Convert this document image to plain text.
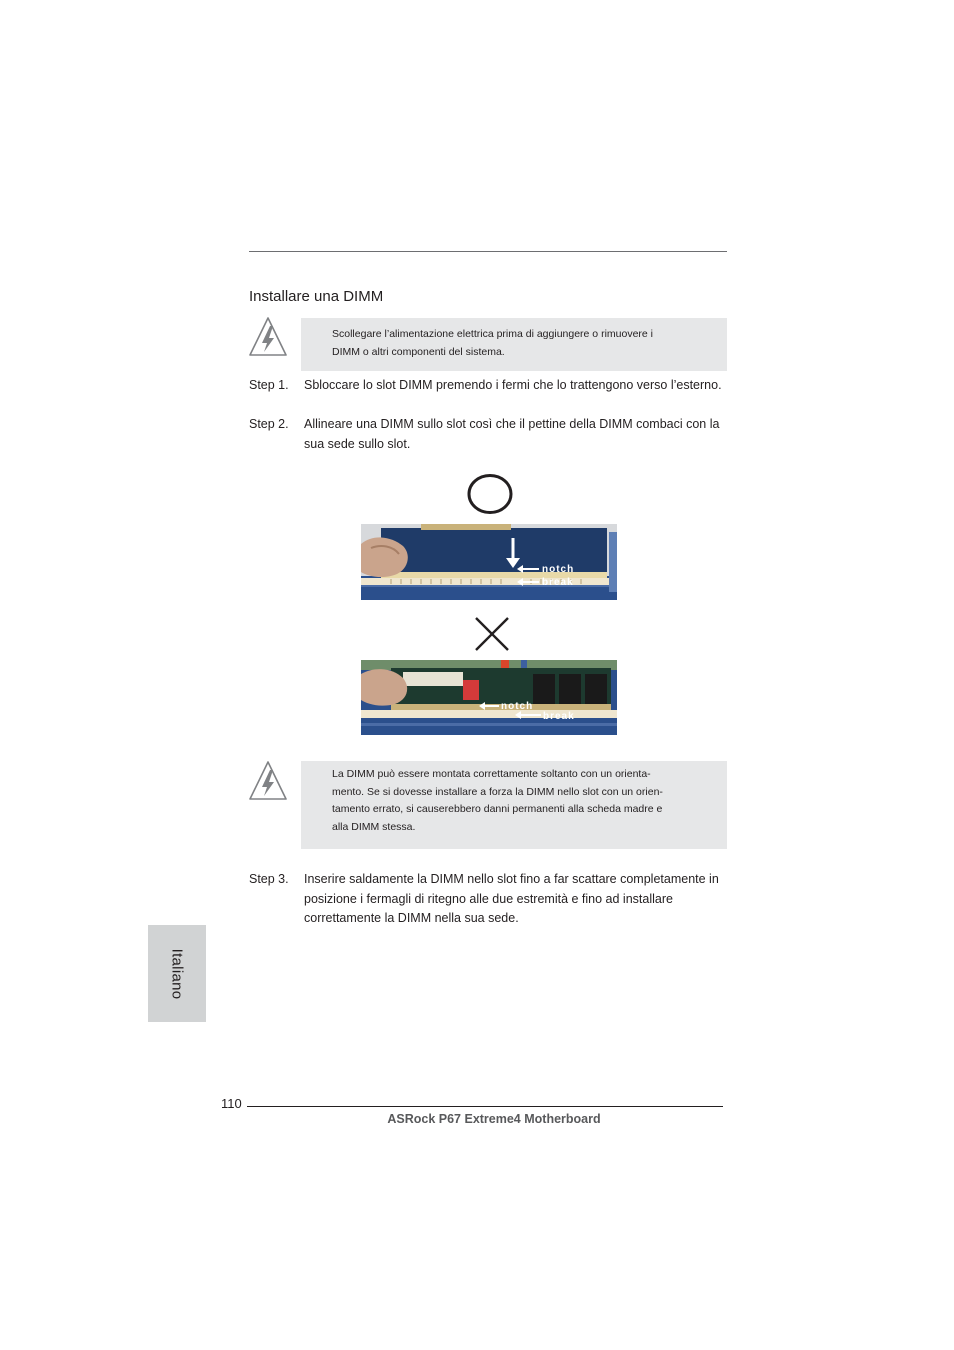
Installare una DIMM
Scollegare l’alimentazione elettrica prima di aggiungere o rimuovere i
DIMM o altri componenti del sistema.
Step 1. Sbloccare lo slot DIMM premendo i fermi che lo trattengono verso l’esterno.
Step 2. Allineare una DIMM sullo slot così che il pettine della DIMM combaci con la sua sede sullo slot.
notch
break
notch
break
La DIMM può essere montata correttamente soltanto con un orienta-
mento. Se si dovesse installare a forza la DIMM nello slot con un orien-
tamento errato, si causerebbero danni permanenti alla scheda madre e
alla DIMM stessa.
Step 3. Inserire saldamente la DIMM nello slot fino a far scattare completamente in posizione i fermagli di ritegno alle due estremità e fino ad installare correttamente la DIMM nella sua sede.
Italiano
110
ASRock P67 Extreme4 Motherboard
